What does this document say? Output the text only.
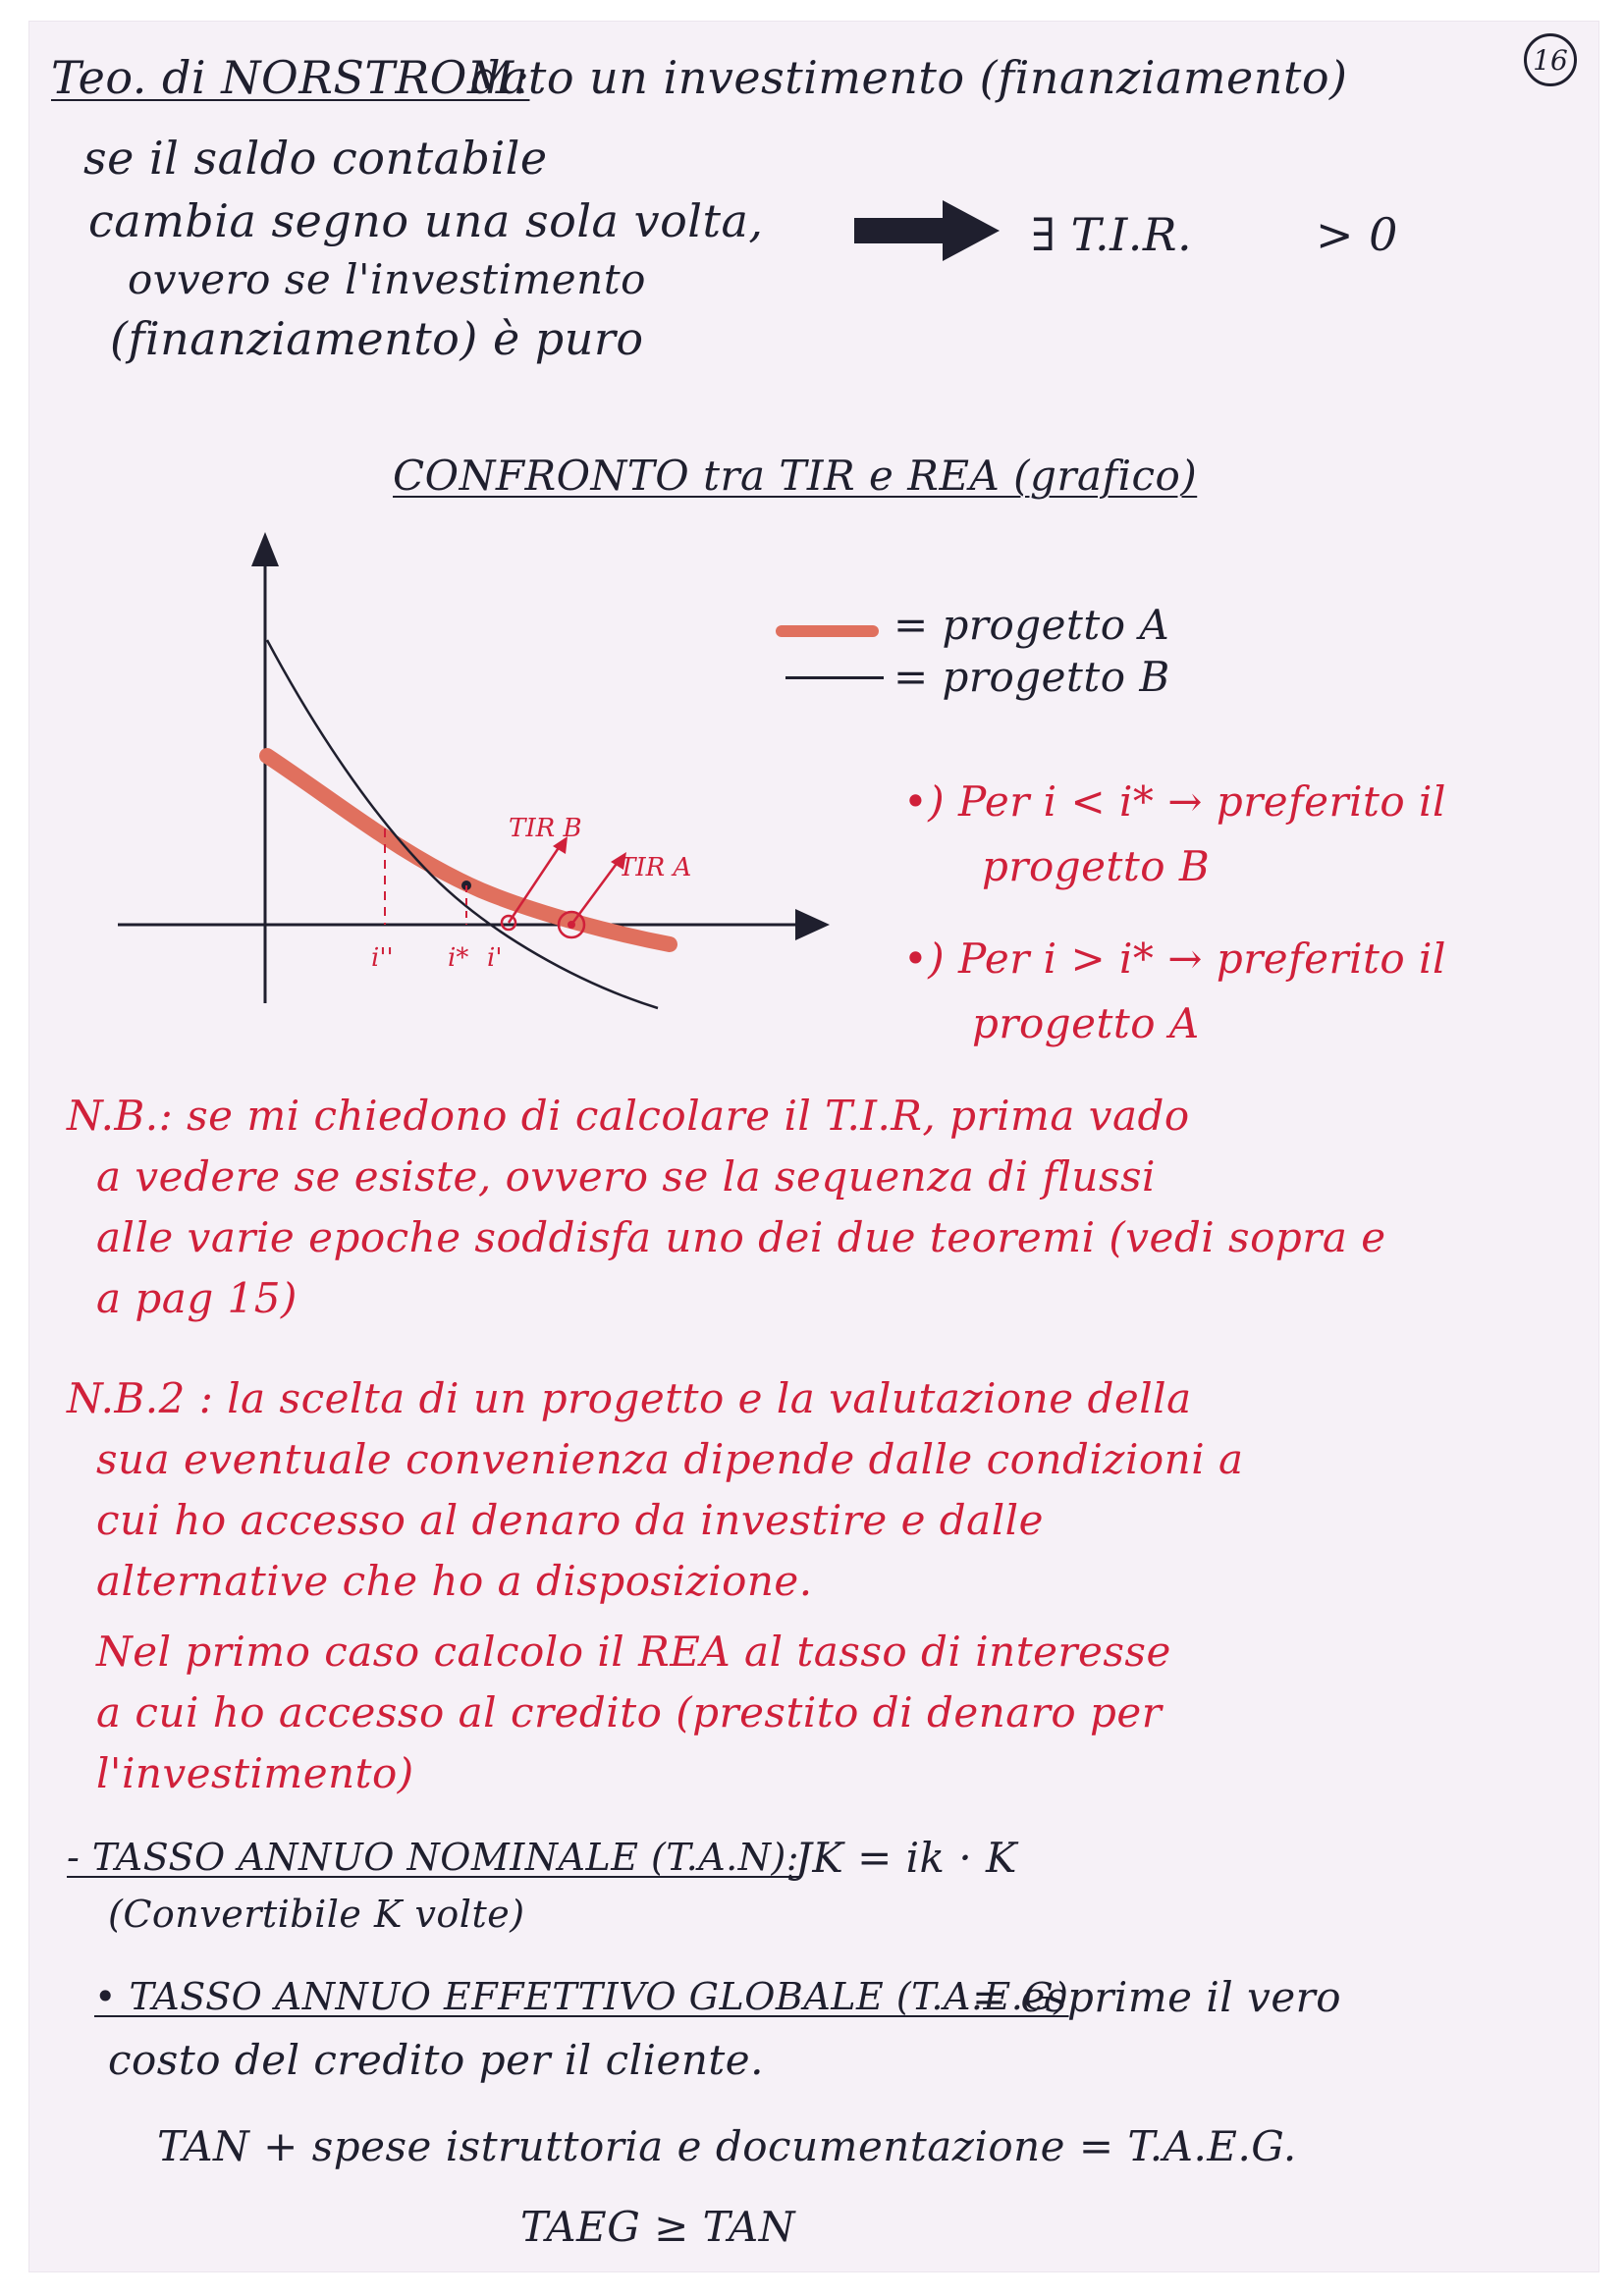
16
Teo. di NORSTROM:
dato un investimento (finanziamento)
se il saldo contabile
cambia segno una sola volta,
ovvero se l'investimento
(finanziamento) è puro
∃ T.I.R.	> 0
CONFRONTO tra TIR e REA (grafico)
TIR B
TIR A
i'' i* i'
= progetto A
= progetto B
•) Per i < i* → preferito il
progetto B
•) Per i > i* → preferito il
progetto A
N.B.: se mi chiedono di calcolare il T.I.R, prima vado
a vedere se esiste, ovvero se la sequenza di flussi
alle varie epoche soddisfa uno dei due teoremi (vedi sopra e
a pag 15)
N.B.2 : la scelta di un progetto e la valutazione della
sua eventuale convenienza dipende dalle condizioni a
cui ho accesso al denaro da investire e dalle
alternative che ho a disposizione.
Nel primo caso calcolo il REA al tasso di interesse
a cui ho accesso al credito (prestito di denaro per
l'investimento)
- TASSO ANNUO NOMINALE (T.A.N):
JK = ik · K
(Convertibile K volte)
• TASSO ANNUO EFFETTIVO GLOBALE (T.A.E.G)
= esprime il vero
costo del credito per il cliente.
TAN + spese istruttoria e documentazione = T.A.E.G.
TAEG ≥ TAN
